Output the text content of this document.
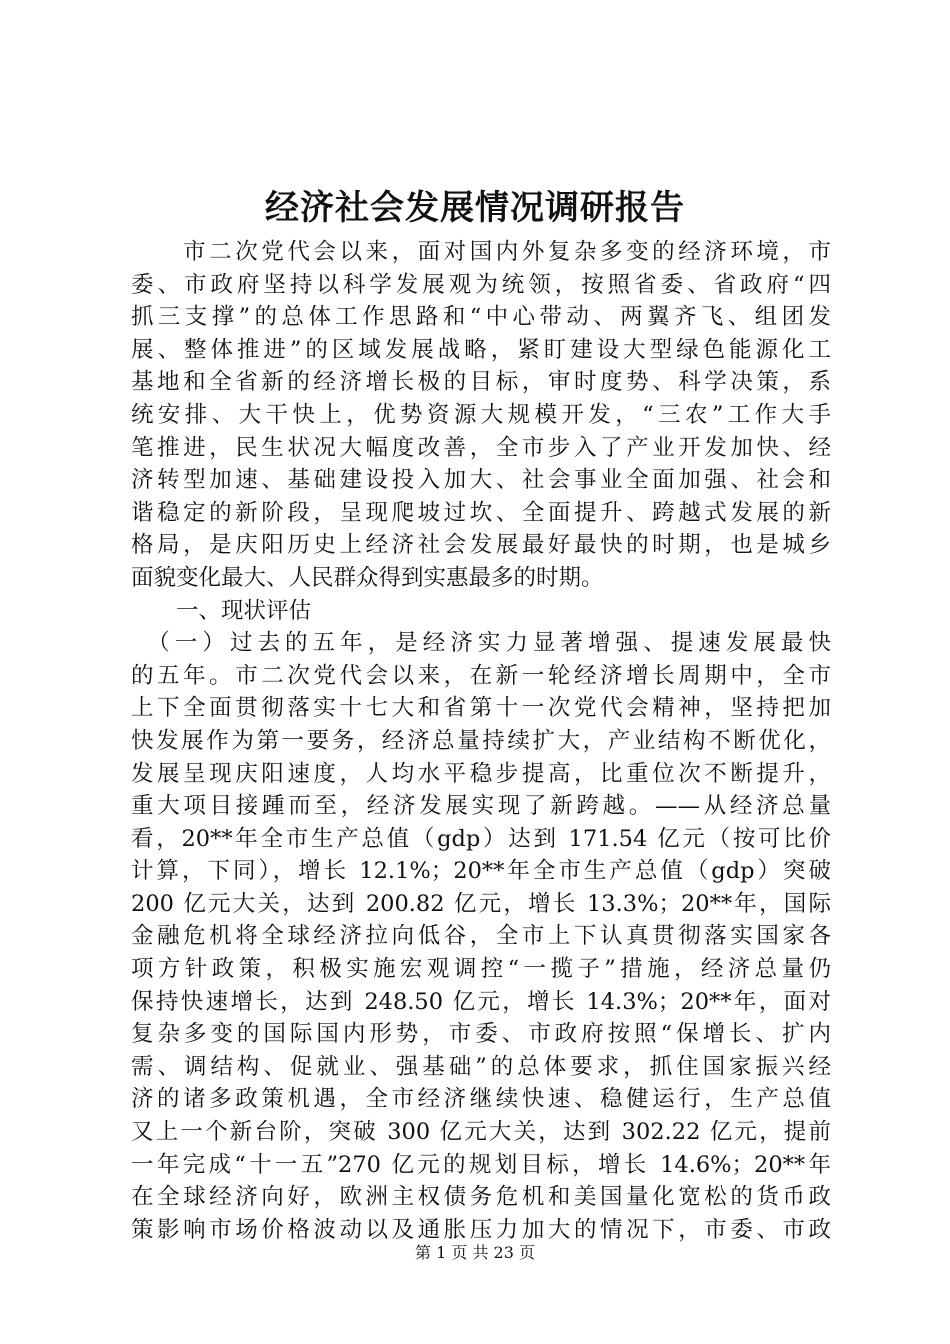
经济社会发展情况调研报告
　　市二次党代会以来，面对国内外复杂多变的经济环境，市
委、市政府坚持以科学发展观为统领，按照省委、省政府“四
抓三支撑”的总体工作思路和“中心带动、两翼齐飞、组团发
展、整体推进”的区域发展战略，紧盯建设大型绿色能源化工
基地和全省新的经济增长极的目标，审时度势、科学决策，系
统安排、大干快上，优势资源大规模开发，“三农”工作大手
笔推进，民生状况大幅度改善，全市步入了产业开发加快、经
济转型加速、基础建设投入加大、社会事业全面加强、社会和
谐稳定的新阶段，呈现爬坡过坎、全面提升、跨越式发展的新
格局，是庆阳历史上经济社会发展最好最快的时期，也是城乡
面貌变化最大、人民群众得到实惠最多的时期。
　　一、现状评估
　（一）过去的五年，是经济实力显著增强、提速发展最快
的五年。市二次党代会以来，在新一轮经济增长周期中，全市
上下全面贯彻落实十七大和省第十一次党代会精神，坚持把加
快发展作为第一要务，经济总量持续扩大，产业结构不断优化，
发展呈现庆阳速度，人均水平稳步提高，比重位次不断提升，
重大项目接踵而至，经济发展实现了新跨越。——从经济总量
看，20**年全市生产总值（gdp）达到 171.54 亿元（按可比价
计算，下同），增长 12.1%；20**年全市生产总值（gdp）突破
200 亿元大关，达到 200.82 亿元，增长 13.3%；20**年，国际
金融危机将全球经济拉向低谷，全市上下认真贯彻落实国家各
项方针政策，积极实施宏观调控“一揽子”措施，经济总量仍
保持快速增长，达到 248.50 亿元，增长 14.3%；20**年，面对
复杂多变的国际国内形势，市委、市政府按照“保增长、扩内
需、调结构、促就业、强基础”的总体要求，抓住国家振兴经
济的诸多政策机遇，全市经济继续快速、稳健运行，生产总值
又上一个新台阶，突破 300 亿元大关，达到 302.22 亿元，提前
一年完成“十一五”270 亿元的规划目标，增长 14.6%；20**年
在全球经济向好，欧洲主权债务危机和美国量化宽松的货币政
策影响市场价格波动以及通胀压力加大的情况下，市委、市政
第 1 页 共 23 页
